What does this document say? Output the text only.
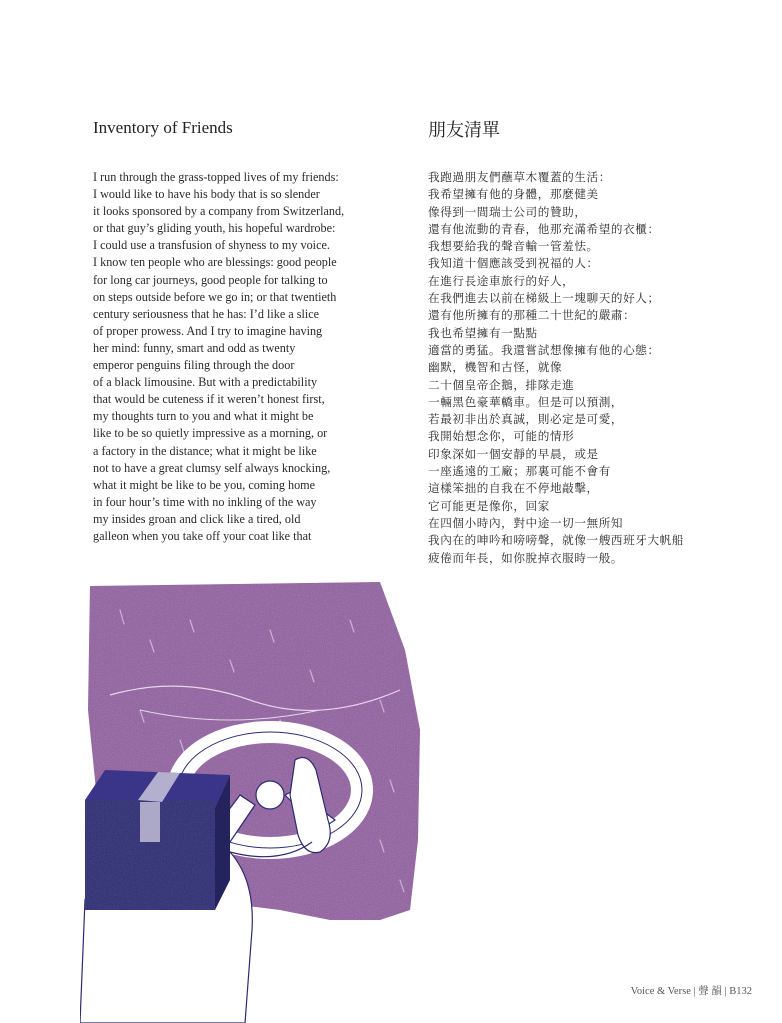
Inventory of Friends	朋友清單
I run through the grass-topped lives of my friends:
I would like to have his body that is so slender
it looks sponsored by a company from Switzerland,
or that guy’s gliding youth, his hopeful wardrobe:
I could use a transfusion of shyness to my voice.
I know ten people who are blessings: good people
for long car journeys, good people for talking to
on steps outside before we go in; or that twentieth
century seriousness that he has: I’d like a slice
of proper prowess. And I try to imagine having
her mind: funny, smart and odd as twenty
emperor penguins filing through the door
of a black limousine. But with a predictability
that would be cuteness if it weren’t honest first,
my thoughts turn to you and what it might be
like to be so quietly impressive as a morning, or
a factory in the distance; what it might be like
not to have a great clumsy self always knocking,
what it might be like to be you, coming home
in four hour’s time with no inkling of the way
my insides groan and click like a tired, old
galleon when you take off your coat like that
我跑過朋友們蘸草木覆蓋的生活：
我希望擁有他的身體，那麼健美
像得到一間瑞士公司的贊助，
還有他流動的青春，他那充滿希望的衣櫃：
我想要給我的聲音輸一管羞怯。
我知道十個應該受到祝福的人：
在進行長途車旅行的好人，
在我們進去以前在梯級上一塊聊天的好人；
還有他所擁有的那種二十世紀的嚴肅：
我也希望擁有一點點
適當的勇猛。我還嘗試想像擁有他的心態：
幽默，機智和古怪，就像
二十個皇帝企鵝，排隊走進
一輛黑色豪華轎車。但是可以預測，
若最初非出於真誠，則必定是可愛，
我開始想念你，可能的情形
印象深如一個安靜的早晨，或是
一座遙遠的工廠；那裏可能不會有
這樣笨拙的自我在不停地敲擊，
它可能更是像你，回家
在四個小時內，對中途一切一無所知
我內在的呻吟和嗙嗙聲，就像一艘西班牙大帆船
疲倦而年長，如你脫掉衣服時一般。
Voice & Verse | 聲 韻 | B132
